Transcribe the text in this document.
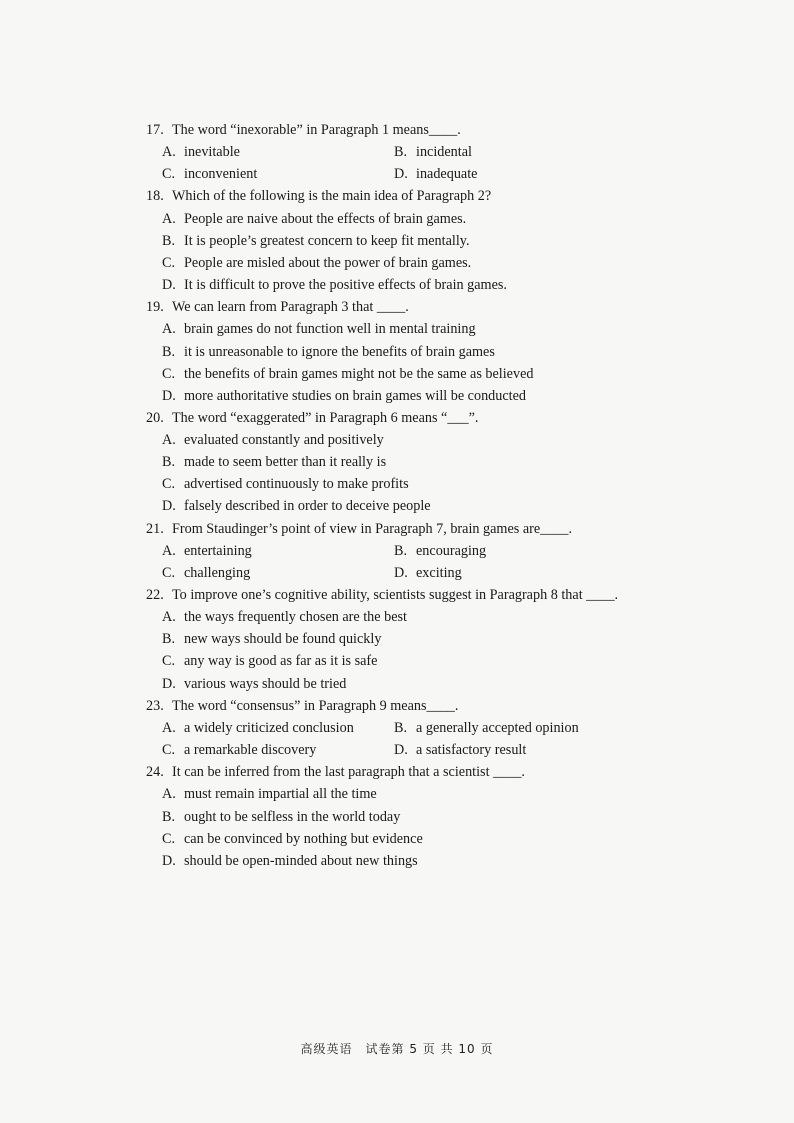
17. The word “inexorable” in Paragraph 1 means____.
A. inevitable	B. incidental
C. inconvenient	D. inadequate
18. Which of the following is the main idea of Paragraph 2?
A. People are naive about the effects of brain games.
B. It is people’s greatest concern to keep fit mentally.
C. People are misled about the power of brain games.
D. It is difficult to prove the positive effects of brain games.
19. We can learn from Paragraph 3 that ____.
A. brain games do not function well in mental training
B. it is unreasonable to ignore the benefits of brain games
C. the benefits of brain games might not be the same as believed
D. more authoritative studies on brain games will be conducted
20. The word “exaggerated” in Paragraph 6 means “___”.
A. evaluated constantly and positively
B. made to seem better than it really is
C. advertised continuously to make profits
D. falsely described in order to deceive people
21. From Staudinger’s point of view in Paragraph 7, brain games are____.
A. entertaining	B. encouraging
C. challenging	D. exciting
22. To improve one’s cognitive ability, scientists suggest in Paragraph 8 that ____.
A. the ways frequently chosen are the best
B. new ways should be found quickly
C. any way is good as far as it is safe
D. various ways should be tried
23. The word “consensus” in Paragraph 9 means____.
A. a widely criticized conclusion	B. a generally accepted opinion
C. a remarkable discovery	D. a satisfactory result
24. It can be inferred from the last paragraph that a scientist ____.
A. must remain impartial all the time
B. ought to be selfless in the world today
C. can be convinced by nothing but evidence
D. should be open-minded about new things
高级英语　试卷第 5 页 共 10 页
